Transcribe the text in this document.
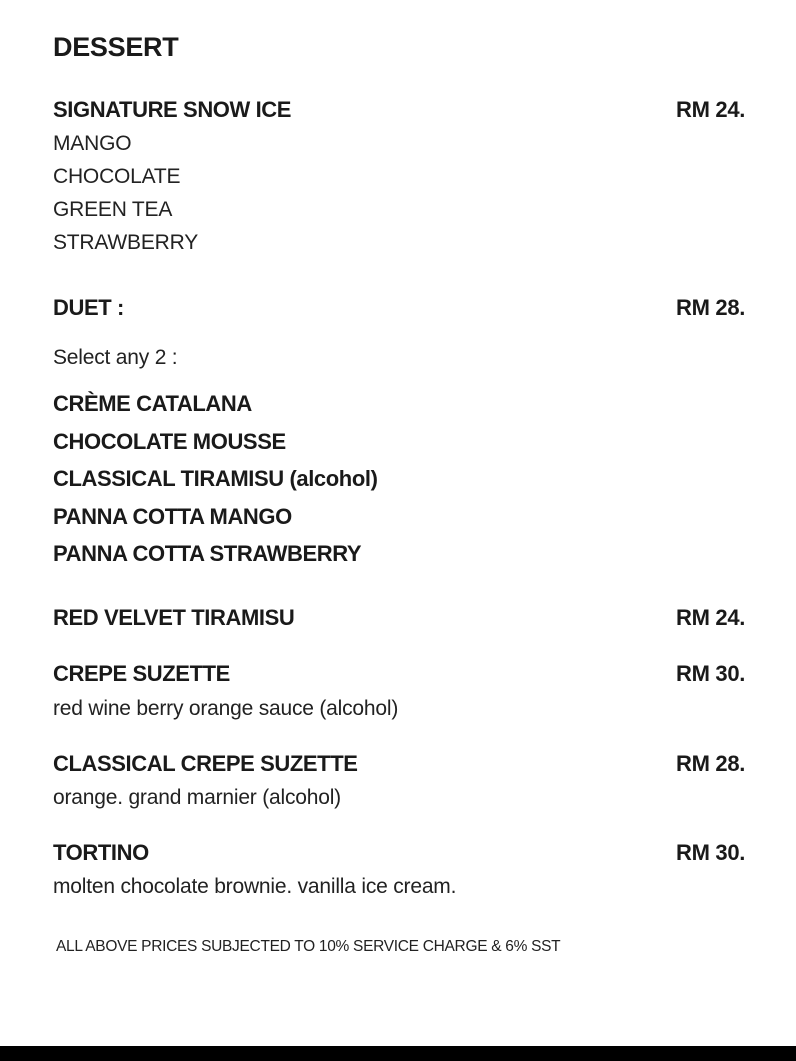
DESSERT
SIGNATURE SNOW ICE	RM 24.
MANGO
CHOCOLATE
GREEN TEA
STRAWBERRY
DUET :	RM 28.
Select any 2 :
CRÈME CATALANA
CHOCOLATE MOUSSE
CLASSICAL TIRAMISU (alcohol)
PANNA COTTA MANGO
PANNA COTTA STRAWBERRY
RED VELVET TIRAMISU	RM 24.
CREPE SUZETTE	RM 30.
red wine berry orange sauce (alcohol)
CLASSICAL CREPE SUZETTE	RM 28.
orange. grand marnier (alcohol)
TORTINO	RM 30.
molten chocolate brownie. vanilla ice cream.
ALL ABOVE PRICES SUBJECTED TO 10% SERVICE CHARGE & 6% SST
